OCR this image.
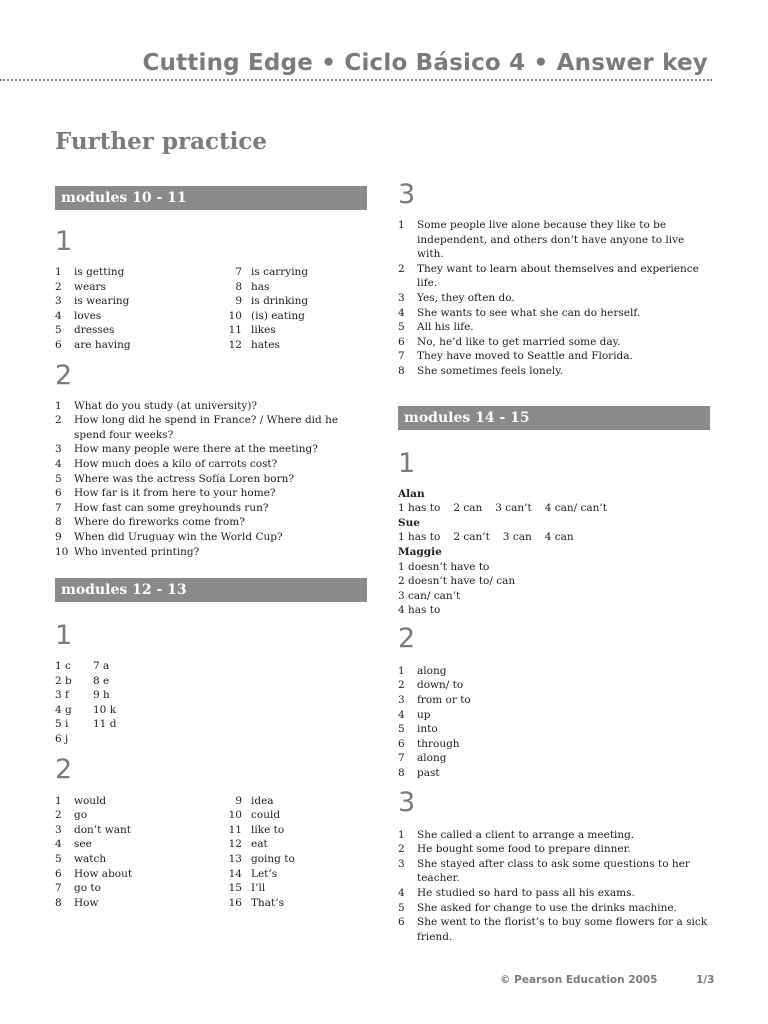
Cutting Edge • Ciclo Básico 4 • Answer key
Further practice
modules 10 - 11
1
1	is getting
2	wears
3	is wearing
4	loves
5	dresses
6	are having
7 is carrying
8 has
9 is drinking
10 (is) eating
11 likes
12 hates
2
1	What do you study (at university)?
2	How long did he spend in France? / Where did he spend four weeks?
3	How many people were there at the meeting?
4	How much does a kilo of carrots cost?
5	Where was the actress Sofía Loren born?
6	How far is it from here to your home?
7	How fast can some greyhounds run?
8	Where do fireworks come from?
9	When did Uruguay win the World Cup?
10 Who invented printing?
modules 12 - 13
1
1 c 7 a
2 b 8 e
3 f 9 h
4 g 10 k
5 i 11 d
6 j
2
1	would
2	go
3	don’t want
4	see
5	watch
6	How about
7	go to
8	How
9 idea
10 could
11 like to
12 eat
13 going to
14 Let’s
15 I’ll
16 That’s
3
1	Some people live alone because they like to be independent, and others don’t have anyone to live with.
2	They want to learn about themselves and experience life.
3	Yes, they often do.
4	She wants to see what she can do herself.
5	All his life.
6	No, he’d like to get married some day.
7	They have moved to Seattle and Florida.
8	She sometimes feels lonely.
modules 14 - 15
1
Alan
1 has to 2 can 3 can’t 4 can/ can’t
Sue
1 has to 2 can’t 3 can 4 can
Maggie
1 doesn’t have to
2 doesn’t have to/ can
3 can/ can’t
4 has to
2
1	along
2	down/ to
3	from or to
4	up
5	into
6	through
7	along
8	past
3
1	She called a client to arrange a meeting.
2	He bought some food to prepare dinner.
3	She stayed after class to ask some questions to her teacher.
4	He studied so hard to pass all his exams.
5	She asked for change to use the drinks machine.
6	She went to the florist’s to buy some flowers for a sick friend.
© Pearson Education 2005	1/3
